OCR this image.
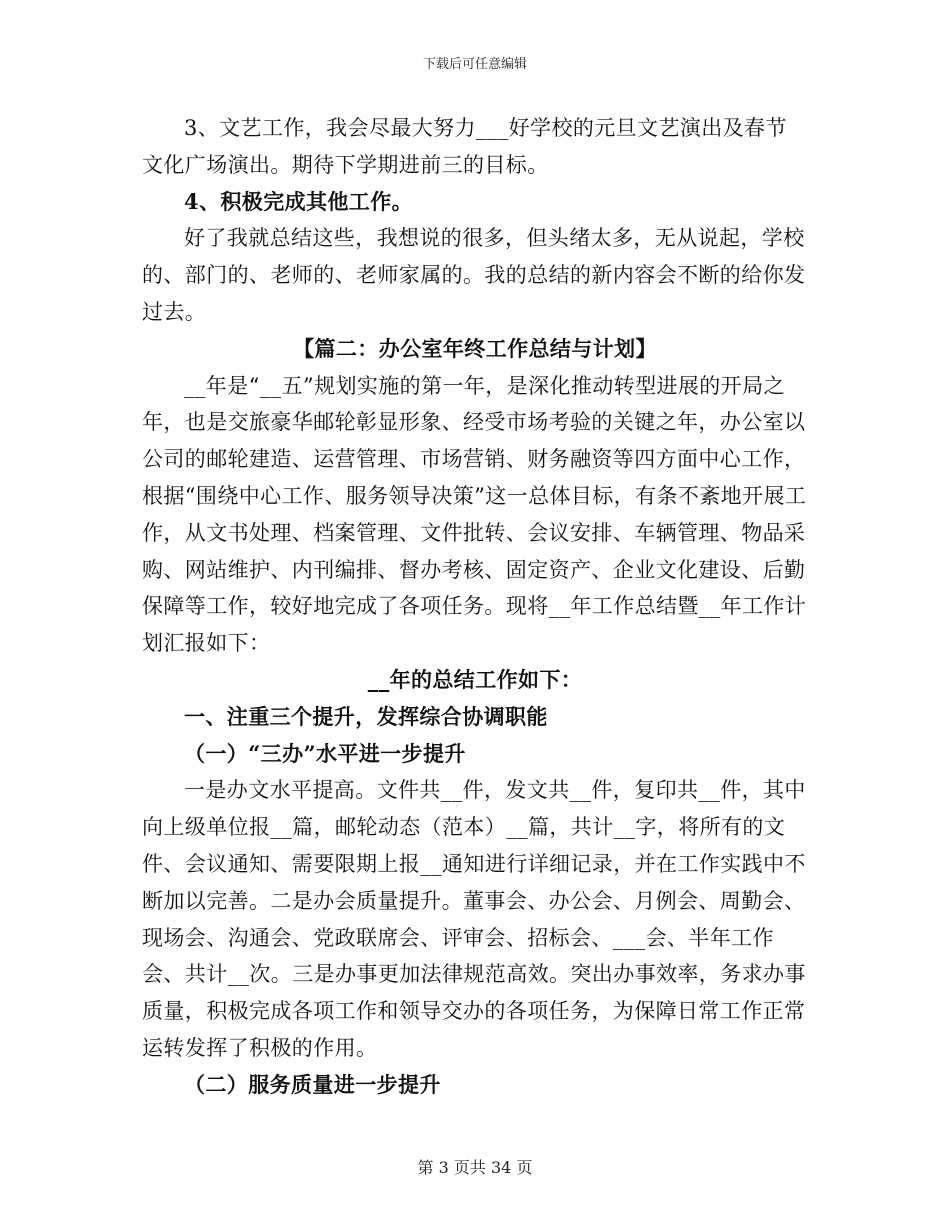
下载后可任意编辑

3、文艺工作，我会尽最大努力___好学校的元旦文艺演出及春节文化广场演出。期待下学期进前三的目标。

4、积极完成其他工作。

好了我就总结这些，我想说的很多，但头绪太多，无从说起，学校的、部门的、老师的、老师家属的。我的总结的新内容会不断的给你发过去。

【篇二：办公室年终工作总结与计划】

__年是“__五”规划实施的第一年，是深化推动转型进展的开局之年，也是交旅豪华邮轮彰显形象、经受市场考验的关键之年，办公室以公司的邮轮建造、运营管理、市场营销、财务融资等四方面中心工作，根据“围绕中心工作、服务领导决策”这一总体目标，有条不紊地开展工作，从文书处理、档案管理、文件批转、会议安排、车辆管理、物品采购、网站维护、内刊编排、督办考核、固定资产、企业文化建设、后勤保障等工作，较好地完成了各项任务。现将__年工作总结暨__年工作计划汇报如下：

__年的总结工作如下：

一、注重三个提升，发挥综合协调职能

（一）“三办”水平进一步提升

一是办文水平提高。文件共__件，发文共__件，复印共__件，其中向上级单位报__篇，邮轮动态（范本）__篇，共计__字，将所有的文件、会议通知、需要限期上报__通知进行详细记录，并在工作实践中不断加以完善。二是办会质量提升。董事会、办公会、月例会、周勤会、现场会、沟通会、党政联席会、评审会、招标会、___会、半年工作会、共计__次。三是办事更加法律规范高效。突出办事效率，务求办事质量，积极完成各项工作和领导交办的各项任务，为保障日常工作正常运转发挥了积极的作用。

（二）服务质量进一步提升

第 3 页共 34 页
